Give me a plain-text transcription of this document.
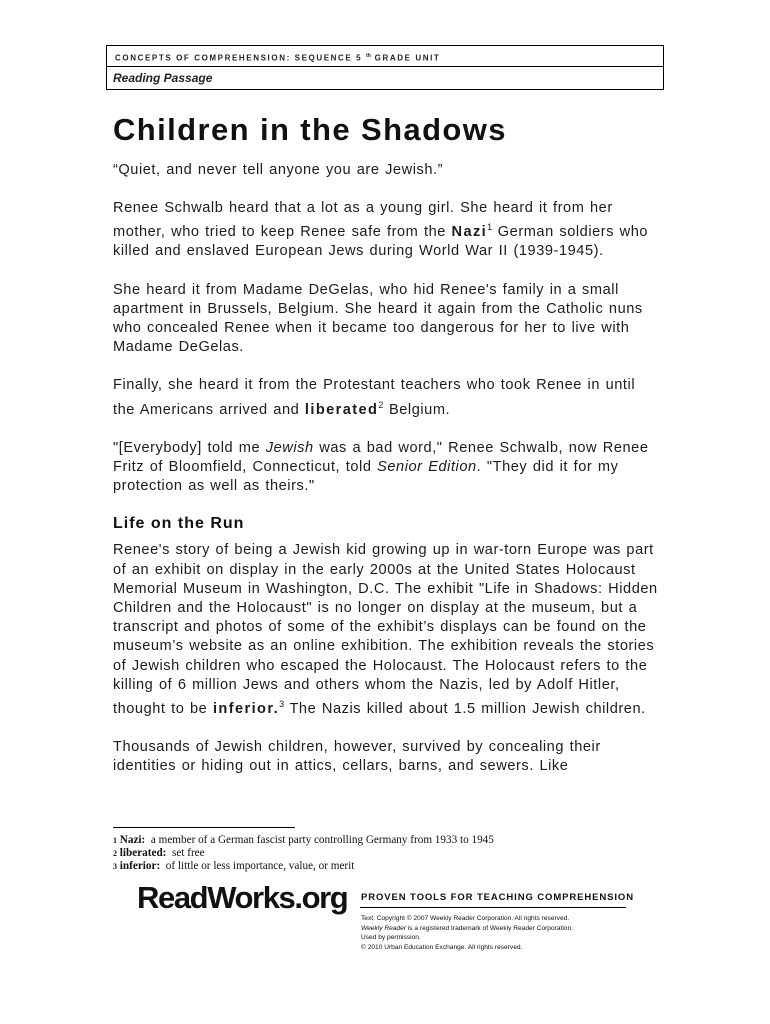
CONCEPTS OF COMPREHENSION: SEQUENCE 5 $^{th}$ GRADE UNIT
Reading Passage
Children in the Shadows

“Quiet, and never tell anyone you are Jewish.”

Renee Schwalb heard that a lot as a young girl. She heard it from her mother, who tried to keep Renee safe from the Nazi$^1$ German soldiers who killed and enslaved European Jews during World War II (1939-1945).

She heard it from Madame DeGelas, who hid Renee's family in a small apartment in Brussels, Belgium. She heard it again from the Catholic nuns who concealed Renee when it became too dangerous for her to live with Madame DeGelas.

Finally, she heard it from the Protestant teachers who took Renee in until the Americans arrived and liberated$^2$ Belgium.

"[Everybody] told me Jewish was a bad word," Renee Schwalb, now Renee Fritz of Bloomfield, Connecticut, told Senior Edition. "They did it for my protection as well as theirs."

Life on the Run

Renee's story of being a Jewish kid growing up in war-torn Europe was part of an exhibit on display in the early 2000s at the United States Holocaust Memorial Museum in Washington, D.C. The exhibit "Life in Shadows: Hidden Children and the Holocaust" is no longer on display at the museum, but a transcript and photos of some of the exhibit’s displays can be found on the museum’s website as an online exhibition. The exhibition reveals the stories of Jewish children who escaped the Holocaust. The Holocaust refers to the killing of 6 million Jews and others whom the Nazis, led by Adolf Hitler, thought to be inferior.$^3$ The Nazis killed about 1.5 million Jewish children.

Thousands of Jewish children, however, survived by concealing their identities or hiding out in attics, cellars, barns, and sewers. Like

$^1$ Nazi: a member of a German fascist party controlling Germany from 1933 to 1945
$^2$ liberated: set free
$^3$ inferior: of little or less importance, value, or merit
ReadWorks.org PROVEN TOOLS FOR TEACHING COMPREHENSION
Text: Copyright © 2007 Weekly Reader Corporation. All rights reserved.
Weekly Reader is a registered trademark of Weekly Reader Corporation.
Used by permission.
© 2010 Urban Education Exchange. All rights reserved.
